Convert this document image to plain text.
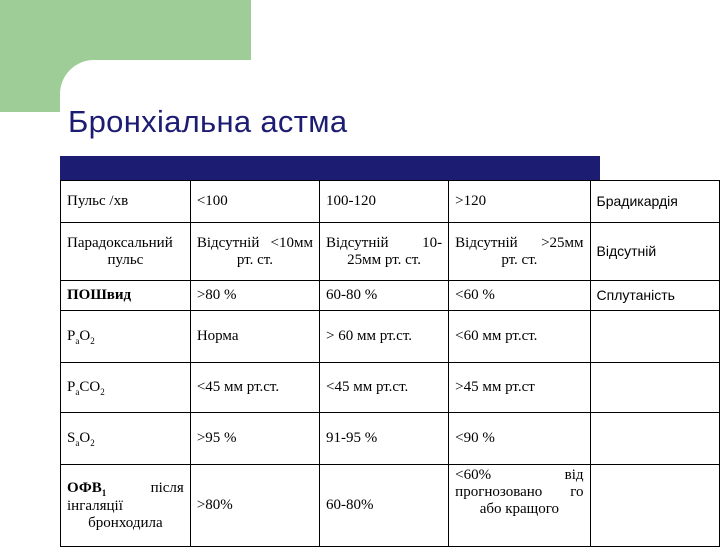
Бронхіальна астма
Пульс /хв	<100	100-120	>120	Брадикардія
Парадоксальний пульс	Відсутній <10мм рт. ст.	Відсутній 10-25мм рт. ст.	Відсутній >25мм рт. ст.	Відсутній
ПОШвид	>80 %	60-80 %	<60 %	Сплутаність
$P_aO_2$	Норма	> 60 мм рт.ст.	<60 мм рт.ст.	
$P_aCO_2$	<45 мм рт.ст.	<45 мм рт.ст.	>45 мм рт.ст	
$S_aO_2$	>95 %	91-95 %	<90 %	
$ОФВ_1$ після інгаляції бронходила	>80%	60-80%	<60% від прогнозовано го або кращого	
